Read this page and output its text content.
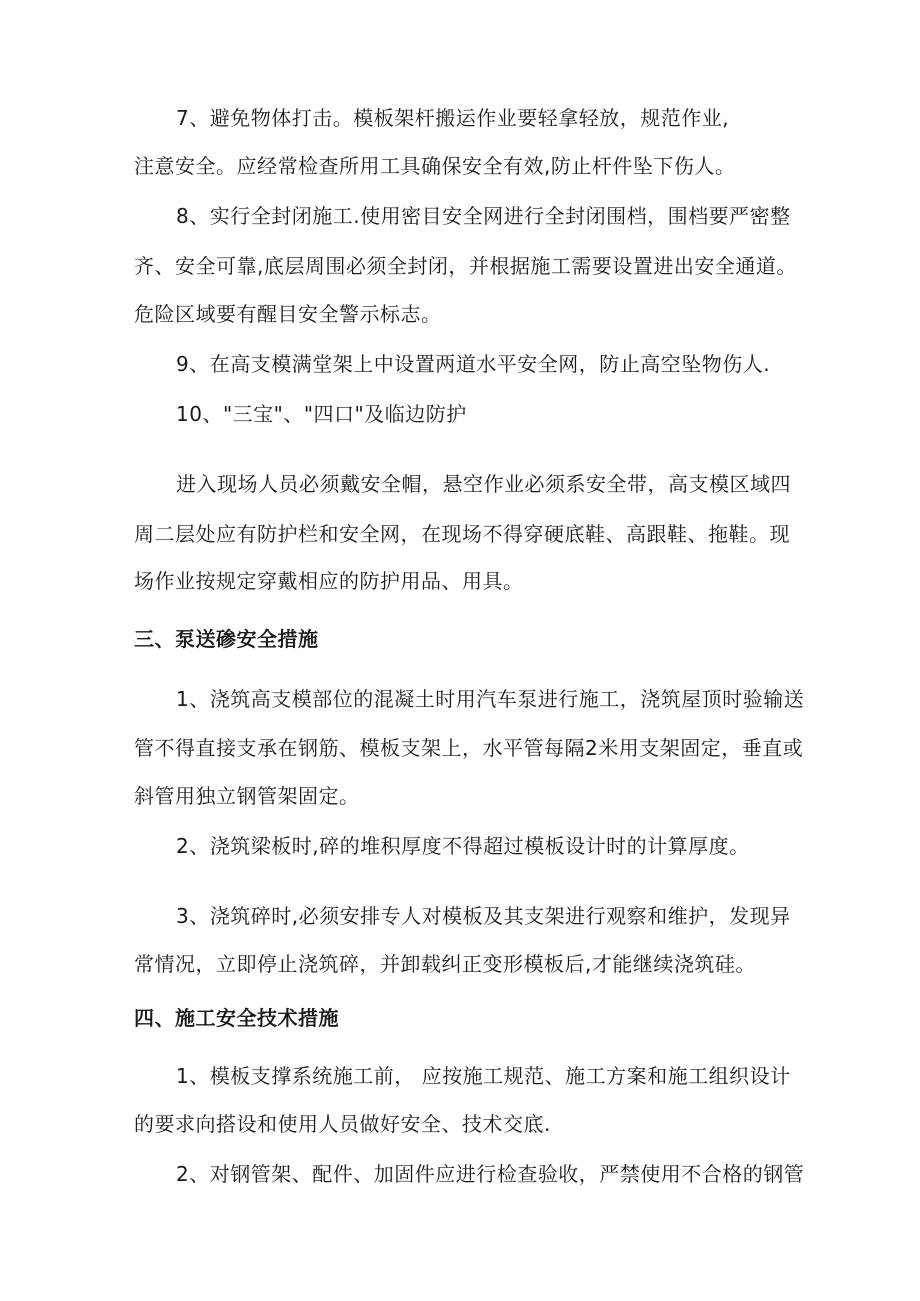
7、避免物体打击。模板架杆搬运作业要轻拿轻放，规范作业,
注意安全。应经常检查所用工具确保安全有效,防止杆件坠下伤人。
8、实行全封闭施工.使用密目安全网进行全封闭围档，围档要严密整
齐、安全可靠,底层周围必须全封闭，并根据施工需要设置进出安全通道。
危险区域要有醒目安全警示标志。
9、在高支模满堂架上中设置两道水平安全网，防止高空坠物伤人.
10、"三宝"、"四口"及临边防护
进入现场人员必须戴安全帽，悬空作业必须系安全带，高支模区域四
周二层处应有防护栏和安全网，在现场不得穿硬底鞋、高跟鞋、拖鞋。现
场作业按规定穿戴相应的防护用品、用具。
三、泵送碜安全措施
1、浇筑高支模部位的混凝土时用汽车泵进行施工，浇筑屋顶时验输送
管不得直接支承在钢筋、模板支架上，水平管每隔2米用支架固定，垂直或
斜管用独立钢管架固定。
2、浇筑梁板时,碎的堆积厚度不得超过模板设计时的计算厚度。
3、浇筑碎时,必须安排专人对模板及其支架进行观察和维护，发现异
常情况，立即停止浇筑碎，并卸载纠正变形模板后,才能继续浇筑硅。
四、施工安全技术措施
1、模板支撑系统施工前， 应按施工规范、施工方案和施工组织设计
的要求向搭设和使用人员做好安全、技术交底.
2、对钢管架、配件、加固件应进行检查验收，严禁使用不合格的钢管
